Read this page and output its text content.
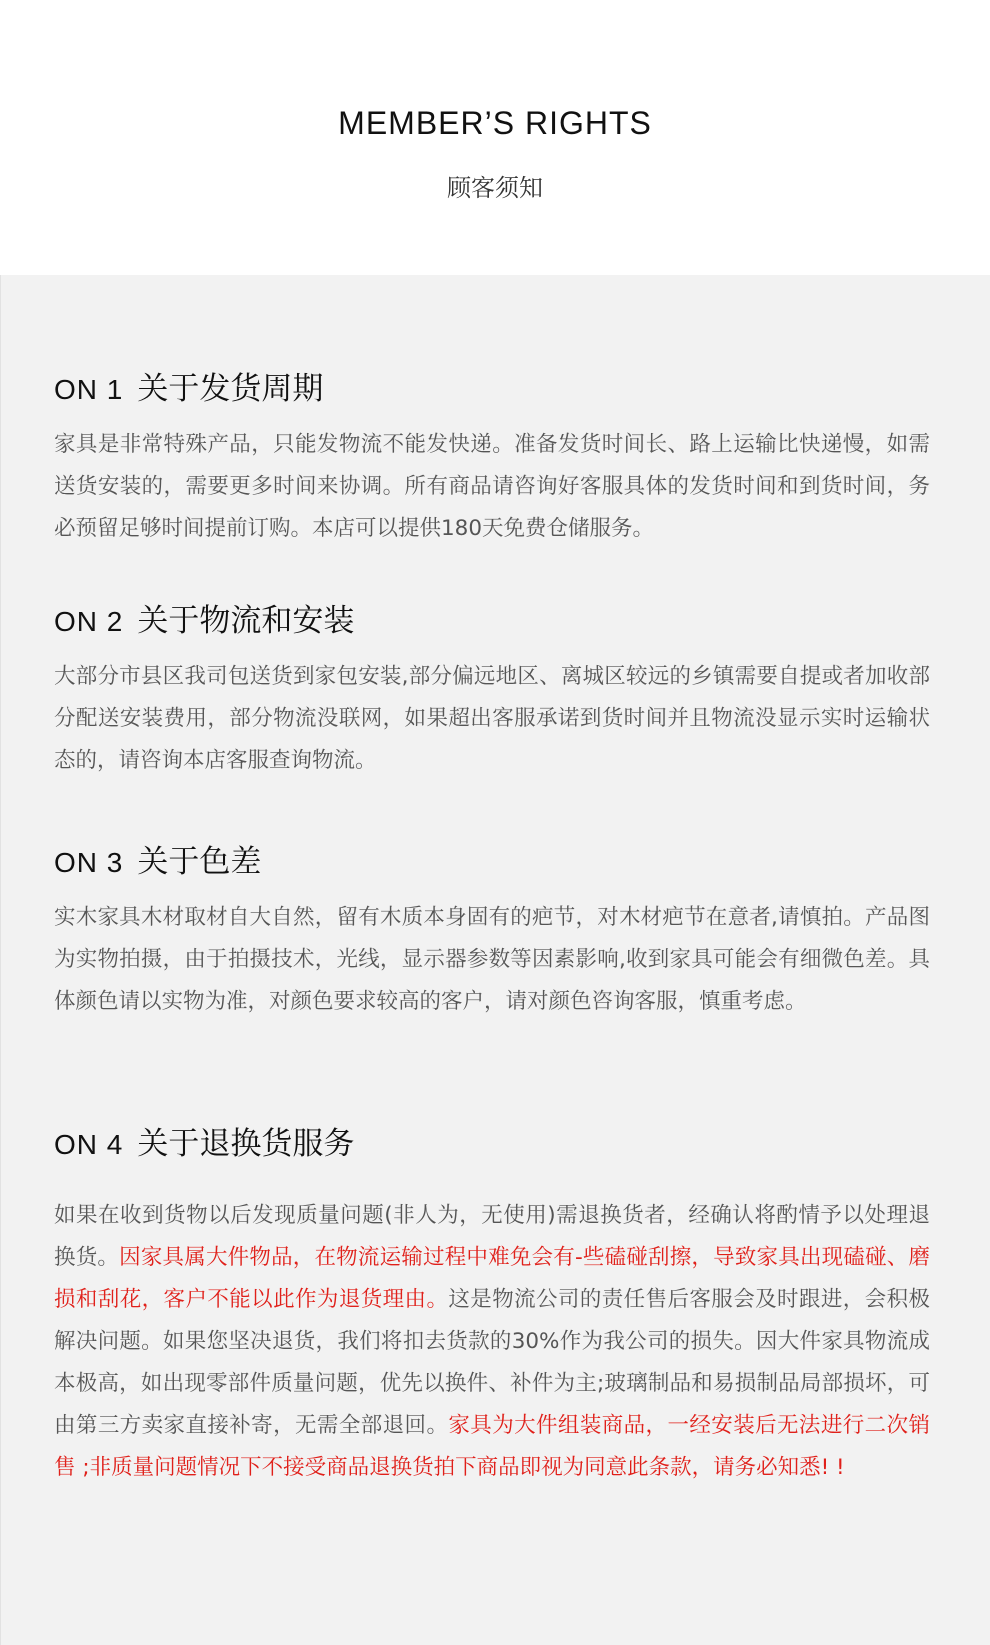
MEMBER’S RIGHTS
顾客须知
ON 1 关于发货周期
家具是非常特殊产品，只能发物流不能发快递。准备发货时间长、路上运输比快递慢，如需送货安装的，需要更多时间来协调。所有商品请咨询好客服具体的发货时间和到货时间，务必预留足够时间提前订购。本店可以提供180天免费仓储服务。
ON 2 关于物流和安装
大部分市县区我司包送货到家包安装,部分偏远地区、离城区较远的乡镇需要自提或者加收部分配送安装费用，部分物流没联网，如果超出客服承诺到货时间并且物流没显示实时运输状态的，请咨询本店客服查询物流。
ON 3 关于色差
实木家具木材取材自大自然，留有木质本身固有的疤节，对木材疤节在意者,请慎拍。产品图为实物拍摄，由于拍摄技术，光线，显示器参数等因素影响,收到家具可能会有细微色差。具体颜色请以实物为准，对颜色要求较高的客户，请对颜色咨询客服，慎重考虑。
ON 4 关于退换货服务
如果在收到货物以后发现质量问题(非人为，无使用)需退换货者，经确认将酌情予以处理退换货。因家具属大件物品，在物流运输过程中难免会有-些磕碰刮擦，导致家具出现磕碰、磨损和刮花，客户不能以此作为退货理由。这是物流公司的责任售后客服会及时跟进，会积极解决问题。如果您坚决退货，我们将扣去货款的30%作为我公司的损失。因大件家具物流成本极高，如出现零部件质量问题，优先以换件、补件为主;玻璃制品和易损制品局部损坏，可由第三方卖家直接补寄，无需全部退回。家具为大件组装商品，一经安装后无法进行二次销售 ;非质量问题情况下不接受商品退换货拍下商品即视为同意此条款，请务必知悉! !
